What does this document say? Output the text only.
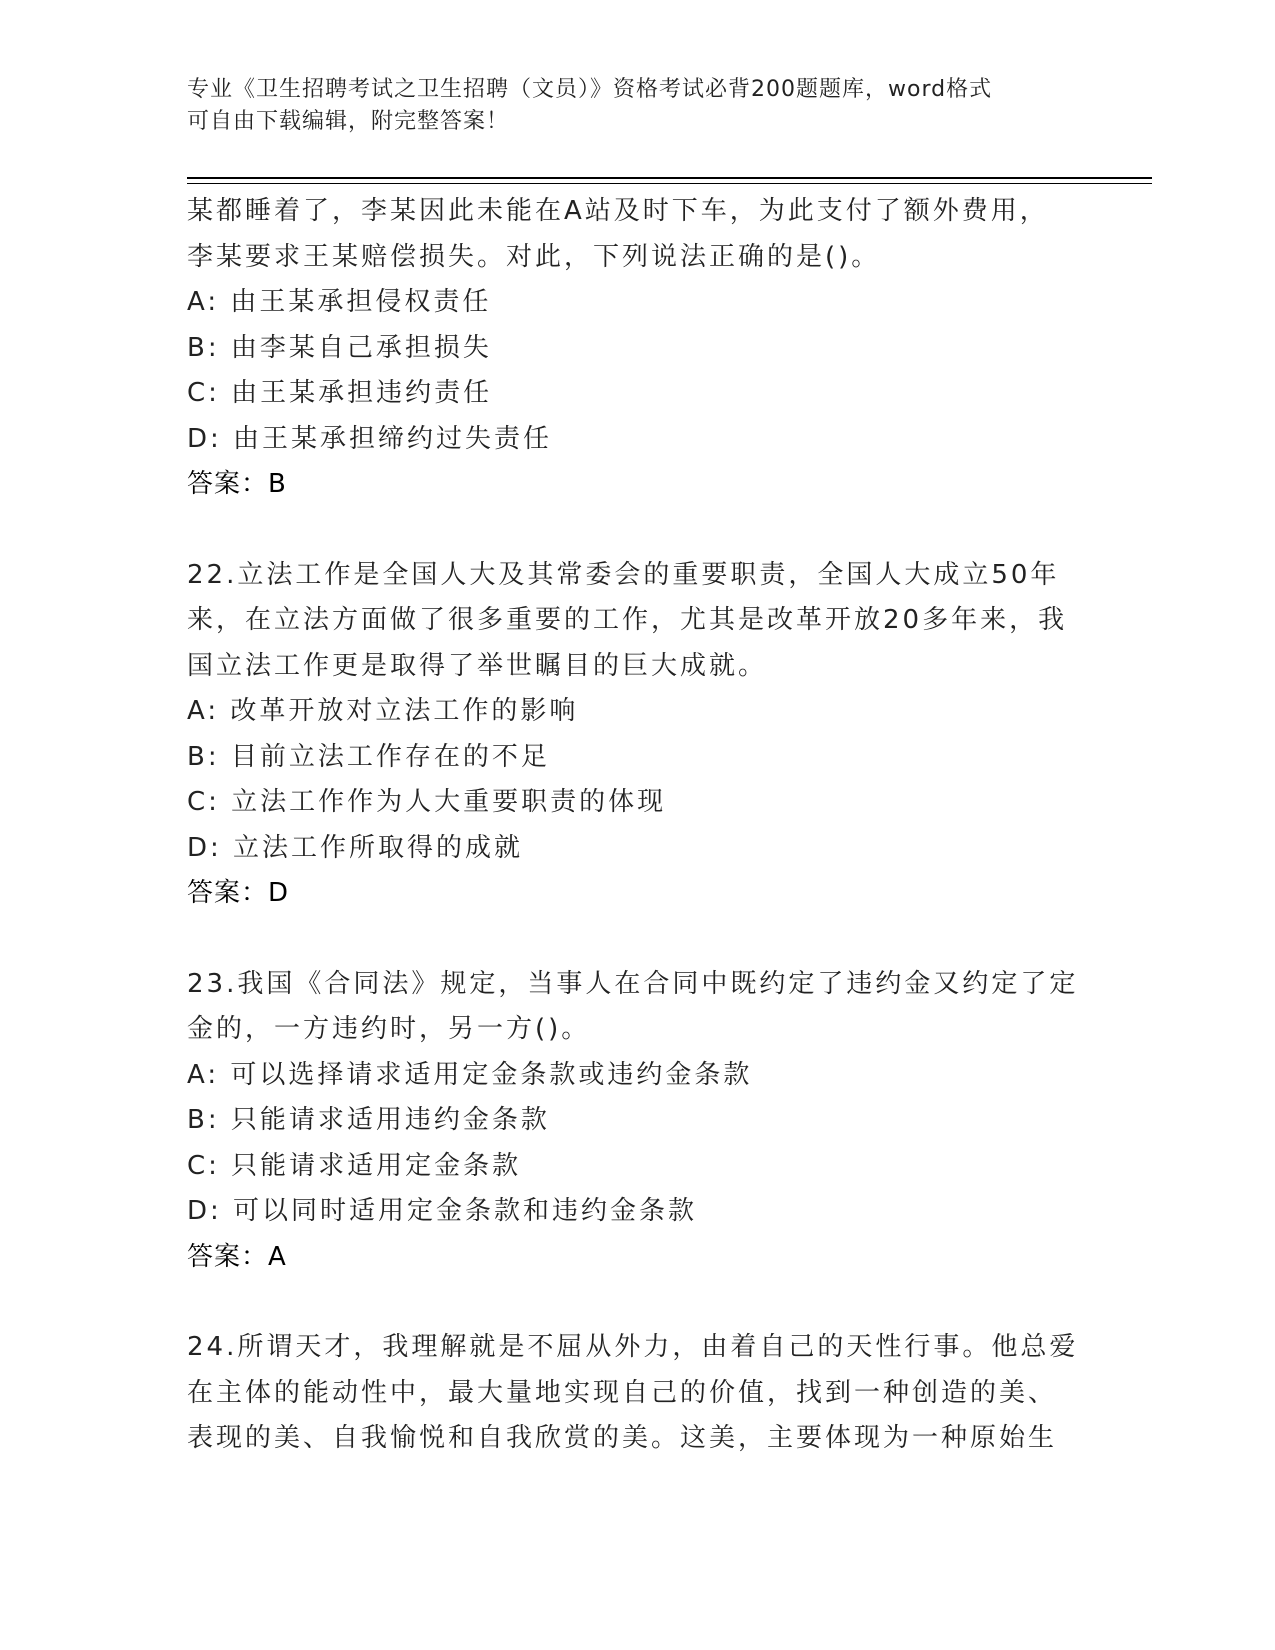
专业《卫生招聘考试之卫生招聘（文员）》资格考试必背200题题库，word格式
可自由下载编辑，附完整答案！

某都睡着了，李某因此未能在A站及时下车，为此支付了额外费用，

李某要求王某赔偿损失。对此，下列说法正确的是()。

A: 由王某承担侵权责任

B: 由李某自己承担损失

C: 由王某承担违约责任

D: 由王某承担缔约过失责任

答案：B

22.立法工作是全国人大及其常委会的重要职责，全国人大成立50年

来，在立法方面做了很多重要的工作，尤其是改革开放20多年来，我

国立法工作更是取得了举世瞩目的巨大成就。

A: 改革开放对立法工作的影响

B: 目前立法工作存在的不足

C: 立法工作作为人大重要职责的体现

D: 立法工作所取得的成就

答案：D

23.我国《合同法》规定，当事人在合同中既约定了违约金又约定了定

金的，一方违约时，另一方()。

A: 可以选择请求适用定金条款或违约金条款

B: 只能请求适用违约金条款

C: 只能请求适用定金条款

D: 可以同时适用定金条款和违约金条款

答案：A

24.所谓天才，我理解就是不屈从外力，由着自己的天性行事。他总爱

在主体的能动性中，最大量地实现自己的价值，找到一种创造的美、

表现的美、自我愉悦和自我欣赏的美。这美，主要体现为一种原始生
